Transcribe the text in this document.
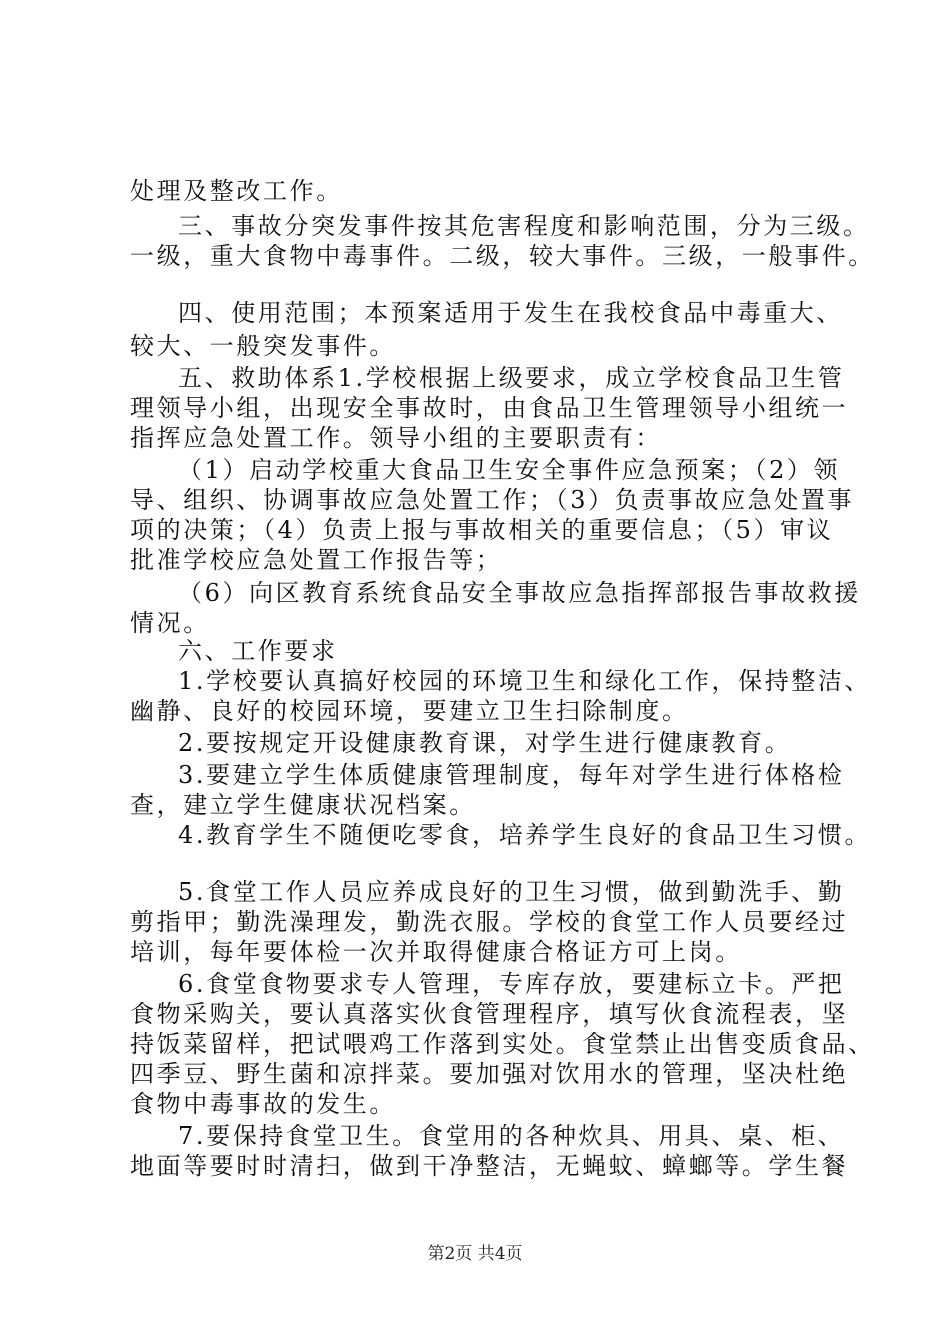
处理及整改工作。
三、事故分突发事件按其危害程度和影响范围，分为三级。
一级，重大食物中毒事件。二级，较大事件。三级，一般事件。
四、使用范围；本预案适用于发生在我校食品中毒重大、
较大、一般突发事件。
五、救助体系1.学校根据上级要求，成立学校食品卫生管
理领导小组，出现安全事故时，由食品卫生管理领导小组统一
指挥应急处置工作。领导小组的主要职责有：
（1）启动学校重大食品卫生安全事件应急预案；（2）领
导、组织、协调事故应急处置工作；（3）负责事故应急处置事
项的决策；（4）负责上报与事故相关的重要信息；（5）审议
批准学校应急处置工作报告等；
（6）向区教育系统食品安全事故应急指挥部报告事故救援
情况。
六、工作要求
1.学校要认真搞好校园的环境卫生和绿化工作，保持整洁、
幽静、良好的校园环境，要建立卫生扫除制度。
2.要按规定开设健康教育课，对学生进行健康教育。
3.要建立学生体质健康管理制度，每年对学生进行体格检
查，建立学生健康状况档案。
4.教育学生不随便吃零食，培养学生良好的食品卫生习惯。
5.食堂工作人员应养成良好的卫生习惯，做到勤洗手、勤
剪指甲；勤洗澡理发，勤洗衣服。学校的食堂工作人员要经过
培训，每年要体检一次并取得健康合格证方可上岗。
6.食堂食物要求专人管理，专库存放，要建标立卡。严把
食物采购关，要认真落实伙食管理程序，填写伙食流程表，坚
持饭菜留样，把试喂鸡工作落到实处。食堂禁止出售变质食品、
四季豆、野生菌和凉拌菜。要加强对饮用水的管理，坚决杜绝
食物中毒事故的发生。
7.要保持食堂卫生。食堂用的各种炊具、用具、桌、柜、
地面等要时时清扫，做到干净整洁，无蝇蚊、蟑螂等。学生餐
第2页 共4页
